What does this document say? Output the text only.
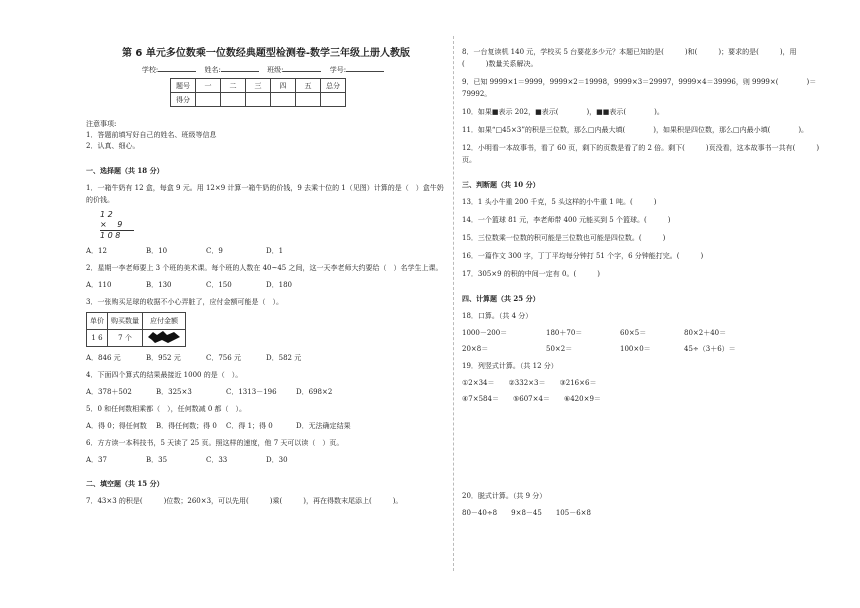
第 6 单元多位数乘一位数经典题型检测卷-数学三年级上册人教版
学校:	姓名:	班级:	学号:
题号	一	二	三	四	五	总分
得分						
注意事项:
1．答题前填写好自己的姓名、班级等信息
2．认真、细心。
一、选择题（共 18 分）
1．一箱牛奶有 12 盒，每盒 9 元。用 12×9 计算一箱牛奶的价钱，9 去乘十位的 1（见图）计算的是（　）盒牛奶的价钱。
1 2
× 　9
1 0 8
A．12	B．10	C．9	D．1
2．星期一李老师要上 3 个班的美术课。每个班的人数在 40~45 之间，这一天李老师大约要给（　）名学生上课。
A．110	B．130	C．150	D．180
3．一张购买足球的收据不小心弄脏了，应付金额可能是（　）。
单价	购买数量	应付金额
1 6	7 个	
A．846 元	B．952 元	C．756 元	D．582 元
4．下面四个算式的结果最接近 1000 的是（　）。
A．378＋502	B．325×3	C．1313－196	D．698×2
5．0 和任何数相乘都（　），任何数减 0 都（　）。
A．得 0；得任何数	B．得任何数；得 0	C．得 1；得 0	D．无法确定结果
6．方方读一本科技书，5 天读了 25 页。照这样的速度，他 7 天可以读（　）页。
A．37	B．35	C．33	D．30
二、填空题（共 15 分）
7．43×3 的积是(　　　)位数；260×3，可以先用(　　　)乘(　　　)，再在得数末尾添上(　　　)。
8．一台复读机 140 元，学校买 5 台要花多少元？本题已知的是(　　　)和(　　　)；要求的是(　　　)，用(　　　)数量关系解决。
9．已知 9999×1＝9999，9999×2＝19998，9999×3＝29997，9999×4＝39996，则 9999×(　　　　)＝79992。
10．如果■表示 202，■表示(　　　　)，■■表示(　　　　)。
11．如果“□45×3”的积是三位数，那么□内最大填(　　　　)，如果积是四位数，那么□内最小填(　　　　)。
12．小明看一本故事书，看了 60 页，剩下的页数是看了的 2 倍。剩下(　　　)页没看，这本故事书一共有(　　　)页。
三、判断题（共 10 分）
13．1 头小牛重 200 千克，5 头这样的小牛重 1 吨。(　　　)
14．一个篮球 81 元，李老师带 400 元能买到 5 个篮球。(　　　)
15．三位数乘一位数的积可能是三位数也可能是四位数。(　　　)
16．一篇作文 300 字，丁丁平均每分钟打 51 个字，6 分钟能打完。(　　　)
17．305×9 的积的中间一定有 0。(　　　)
四、计算题（共 25 分）
18．口算。（共 4 分）
1000－200＝	180＋70＝	60×5＝	80×2＋40＝
20×8＝	50×2＝	100×0＝	45÷（3＋6）＝
19．列竖式计算。（共 12 分）
①2×34＝ ②332×3＝ ③216×6＝
④7×584＝ ⑤607×4＝ ⑥420×9＝
20．脱式计算。（共 9 分）
80－40÷8 9×8－45 105－6×8
